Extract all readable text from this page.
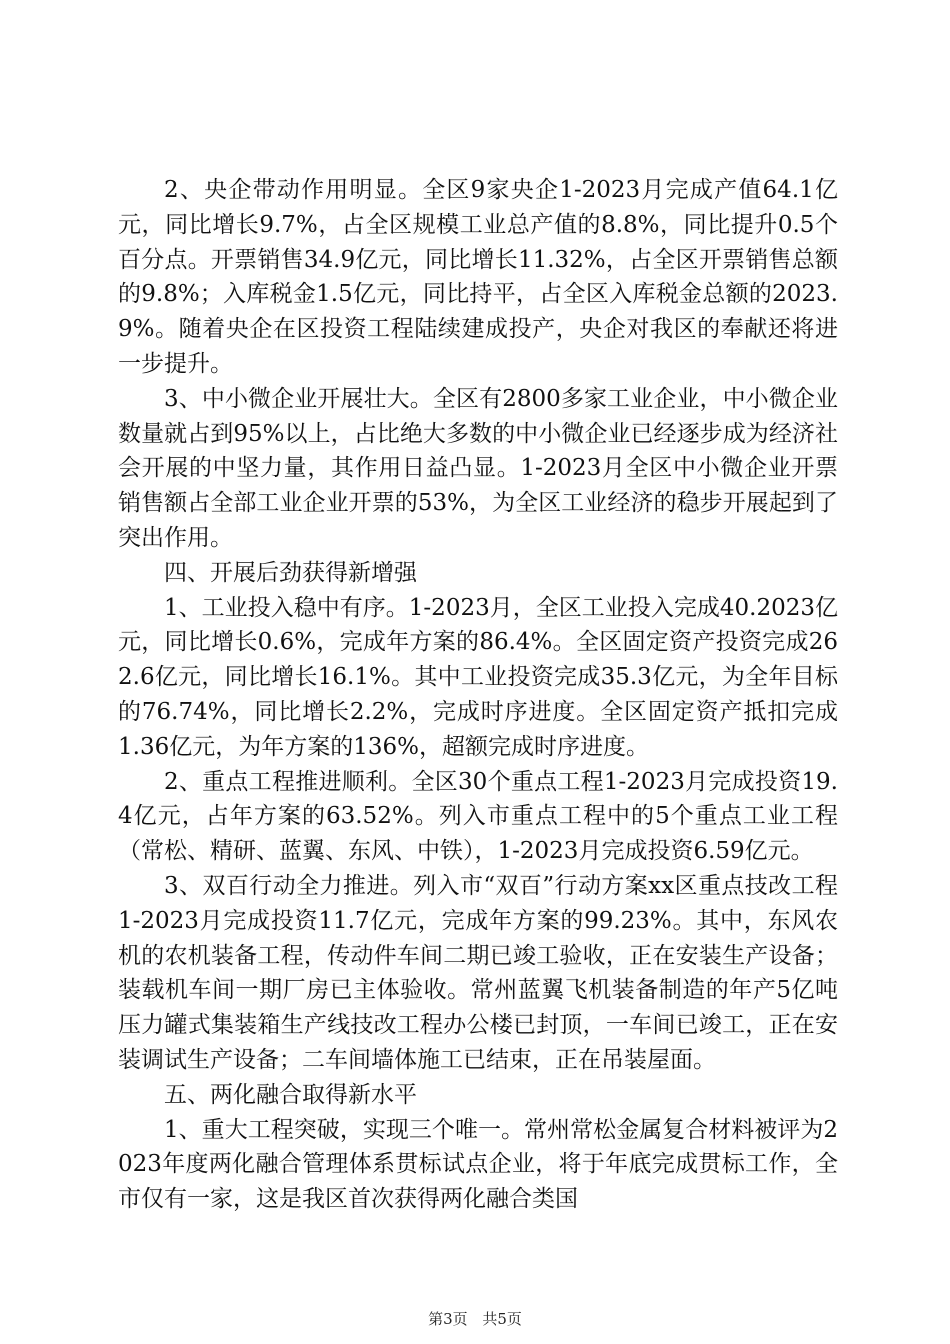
2、央企带动作用明显。全区9家央企1-2023月完成产值64.1亿元，同比增长9.7%，占全区规模工业总产值的8.8%，同比提升0.5个百分点。开票销售34.9亿元，同比增长11.32%，占全区开票销售总额的9.8%；入库税金1.5亿元，同比持平，占全区入库税金总额的2023.9%。随着央企在区投资工程陆续建成投产，央企对我区的奉献还将进一步提升。

3、中小微企业开展壮大。全区有2800多家工业企业，中小微企业数量就占到95%以上，占比绝大多数的中小微企业已经逐步成为经济社会开展的中坚力量，其作用日益凸显。1-2023月全区中小微企业开票销售额占全部工业企业开票的53%，为全区工业经济的稳步开展起到了突出作用。

四、开展后劲获得新增强

1、工业投入稳中有序。1-2023月，全区工业投入完成40.2023亿元，同比增长0.6%，完成年方案的86.4%。全区固定资产投资完成262.6亿元，同比增长16.1%。其中工业投资完成35.3亿元，为全年目标的76.74%，同比增长2.2%，完成时序进度。全区固定资产抵扣完成1.36亿元，为年方案的136%，超额完成时序进度。

2、重点工程推进顺利。全区30个重点工程1-2023月完成投资19.4亿元，占年方案的63.52%。列入市重点工程中的5个重点工业工程（常松、精研、蓝翼、东风、中铁），1-2023月完成投资6.59亿元。

3、双百行动全力推进。列入市“双百”行动方案xx区重点技改工程1-2023月完成投资11.7亿元，完成年方案的99.23%。其中，东风农机的农机装备工程，传动件车间二期已竣工验收，正在安装生产设备；装载机车间一期厂房已主体验收。常州蓝翼飞机装备制造的年产5亿吨压力罐式集装箱生产线技改工程办公楼已封顶，一车间已竣工，正在安装调试生产设备；二车间墙体施工已结束，正在吊装屋面。

五、两化融合取得新水平

1、重大工程突破，实现三个唯一。常州常松金属复合材料被评为2023年度两化融合管理体系贯标试点企业，将于年底完成贯标工作，全市仅有一家，这是我区首次获得两化融合类国

第3页 共5页
